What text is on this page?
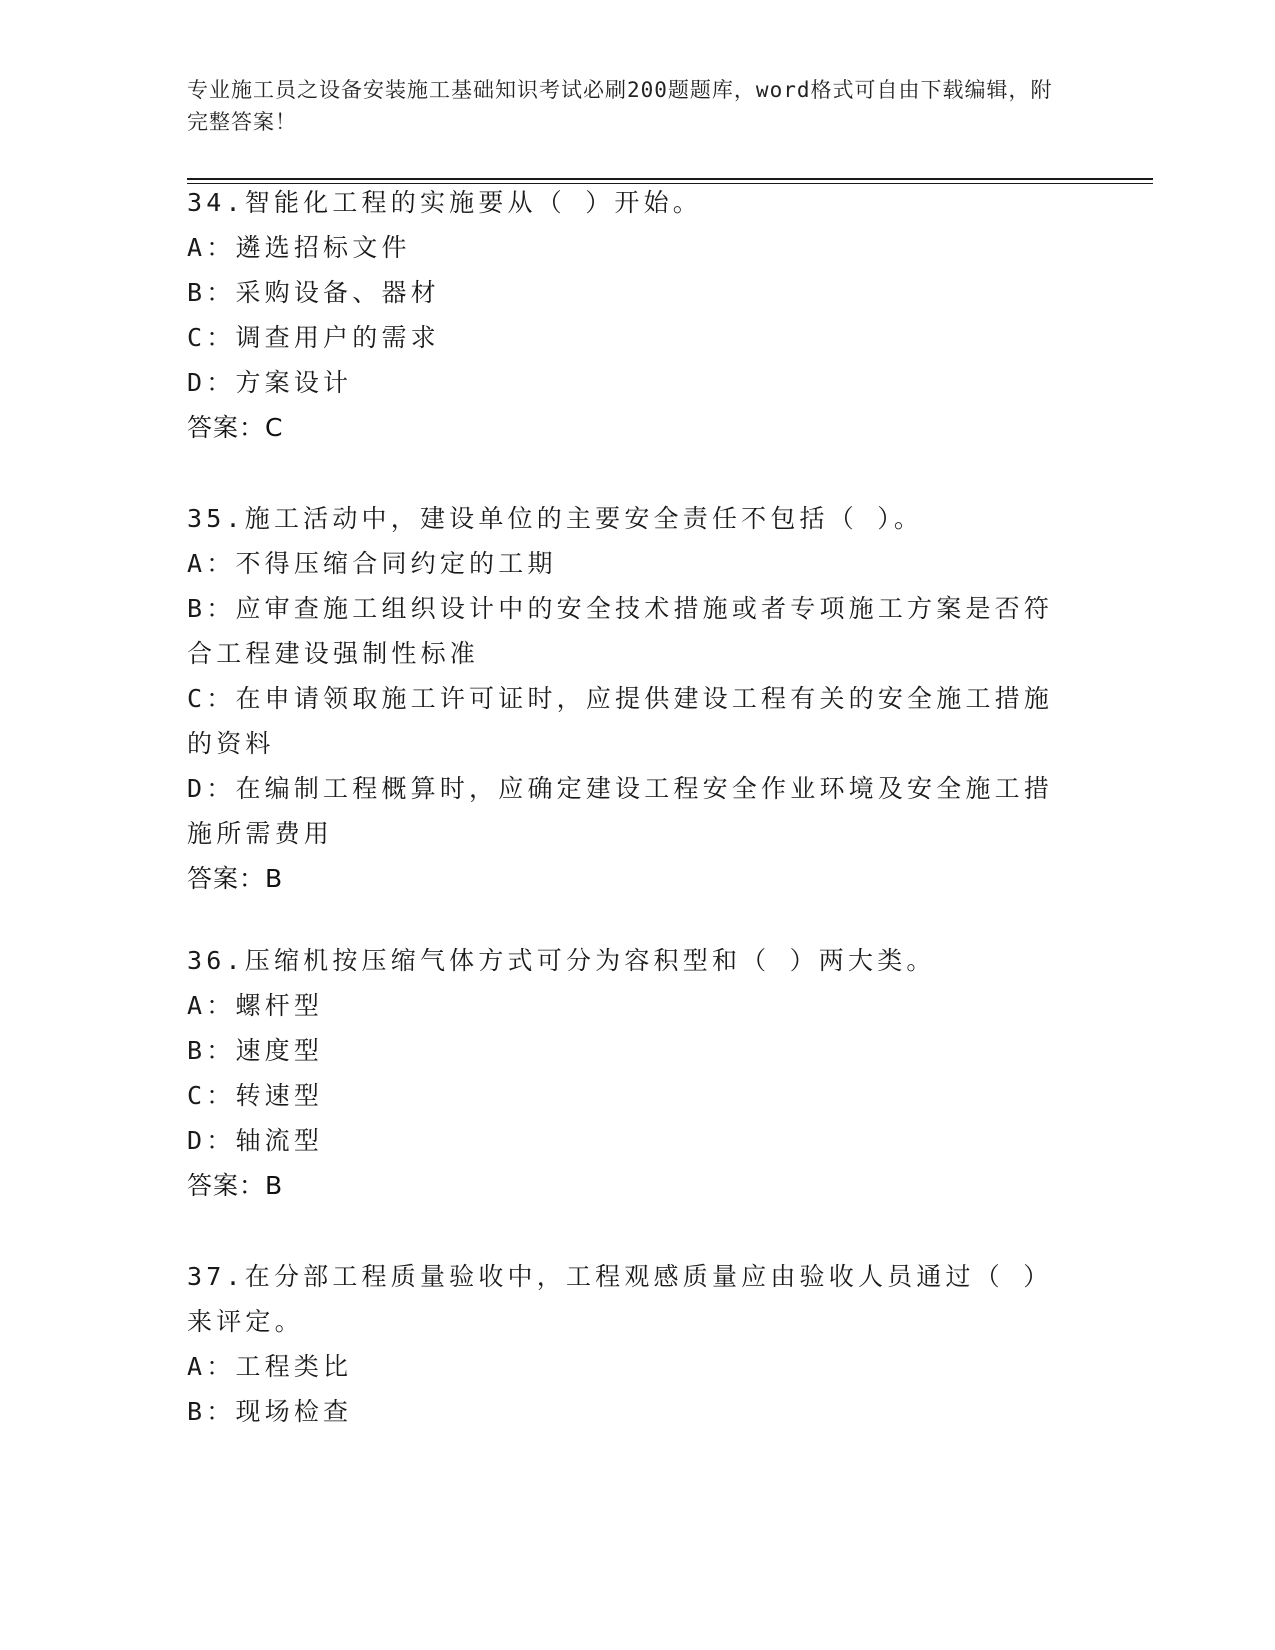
专业施工员之设备安装施工基础知识考试必刷200题题库，word格式可自由下载编辑，附完整答案！
34.智能化工程的实施要从（ ）开始。
A：遴选招标文件
B：采购设备、器材
C：调查用户的需求
D：方案设计
答案：C
35.施工活动中，建设单位的主要安全责任不包括（ ）。
A：不得压缩合同约定的工期
B：应审查施工组织设计中的安全技术措施或者专项施工方案是否符合工程建设强制性标准
C：在申请领取施工许可证时，应提供建设工程有关的安全施工措施的资料
D：在编制工程概算时，应确定建设工程安全作业环境及安全施工措施所需费用
答案：B
36.压缩机按压缩气体方式可分为容积型和（ ）两大类。
A：螺杆型
B：速度型
C：转速型
D：轴流型
答案：B
37.在分部工程质量验收中，工程观感质量应由验收人员通过（ ）来评定。
A：工程类比
B：现场检查
